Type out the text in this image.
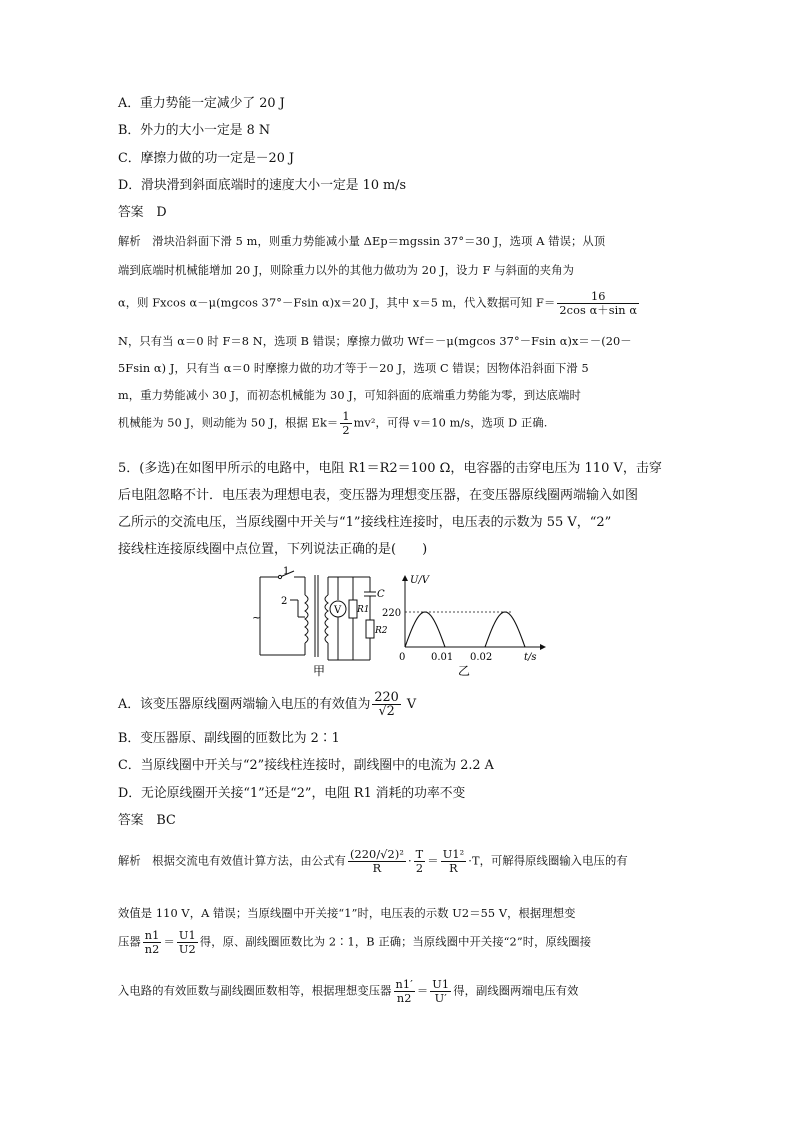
A．重力势能一定减少了 20 J
B．外力的大小一定是 8 N
C．摩擦力做的功一定是－20 J
D．滑块滑到斜面底端时的速度大小一定是 10 m/s
答案　D
解析　滑块沿斜面下滑 5 m，则重力势能减小量 ΔEp＝mgssin 37°＝30 J，选项 A 错误；从顶
端到底端时机械能增加 20 J，则除重力以外的其他力做功为 20 J，设力 F 与斜面的夹角为
α，则 Fxcos α－μ(mgcos 37°－Fsin α)x＝20 J，其中 x＝5 m，代入数据可知 $F= \frac{16}{\text{2cos α＋sin α}}$
N，只有当 α＝0 时 F＝8 N，选项 B 错误；摩擦力做功 Wf＝－μ(mgcos 37°－Fsin α)x＝－(20－
5Fsin α) J，只有当 α＝0 时摩擦力做的功才等于－20 J，选项 C 错误；因物体沿斜面下滑 5
m，重力势能减小 30 J，而初态机械能为 30 J，可知斜面的底端重力势能为零，到达底端时
机械能为 50 J，则动能为 50 J，根据 $Ek= \frac{1}{2} mv^2$，可得 v＝10 m/s，选项 D 正确.
5．(多选)在如图甲所示的电路中，电阻 R1＝R2＝100 Ω，电容器的击穿电压为 110 V，击穿
后电阻忽略不计．电压表为理想电表，变压器为理想变压器，在变压器原线圈两端输入如图
乙所示的交流电压，当原线圈中开关与“1”接线柱连接时，电压表的示数为 55 V，“2”
接线柱连接原线圈中点位置，下列说法正确的是(　　)
~
1
2
V R1
C
R2
甲
U/V
220
0	0.01 0.02	t/s
乙
A．该变压器原线圈两端输入电压的有效值为 $\frac{220}{√2}$ V
B．变压器原、副线圈的匝数比为 2∶1
C．当原线圈中开关与“2”接线柱连接时，副线圈中的电流为 2.2 A
D．无论原线圈开关接“1”还是“2”，电阻 R1 消耗的功率不变
答案　BC
解析　根据交流电有效值计算方法，由公式有 $\frac{\text{(220/√2)²}}{R} \cdot \frac{T}{2} = \frac{\text{U1²}}{R} \cdot T$，可解得原线圈输入电压的有
效值是 110 V，A 错误；当原线圈中开关接“1”时，电压表的示数 U2＝55 V，根据理想变
压器 $\frac{n1}{n2} = \frac{U1}{U2}$ 得，原、副线圈匝数比为 2∶1，B 正确；当原线圈中开关接“2”时，原线圈接
入电路的有效匝数与副线圈匝数相等，根据理想变压器 $\frac{n1'}{n2} = \frac{U1}{U'}$ 得，副线圈两端电压有效
